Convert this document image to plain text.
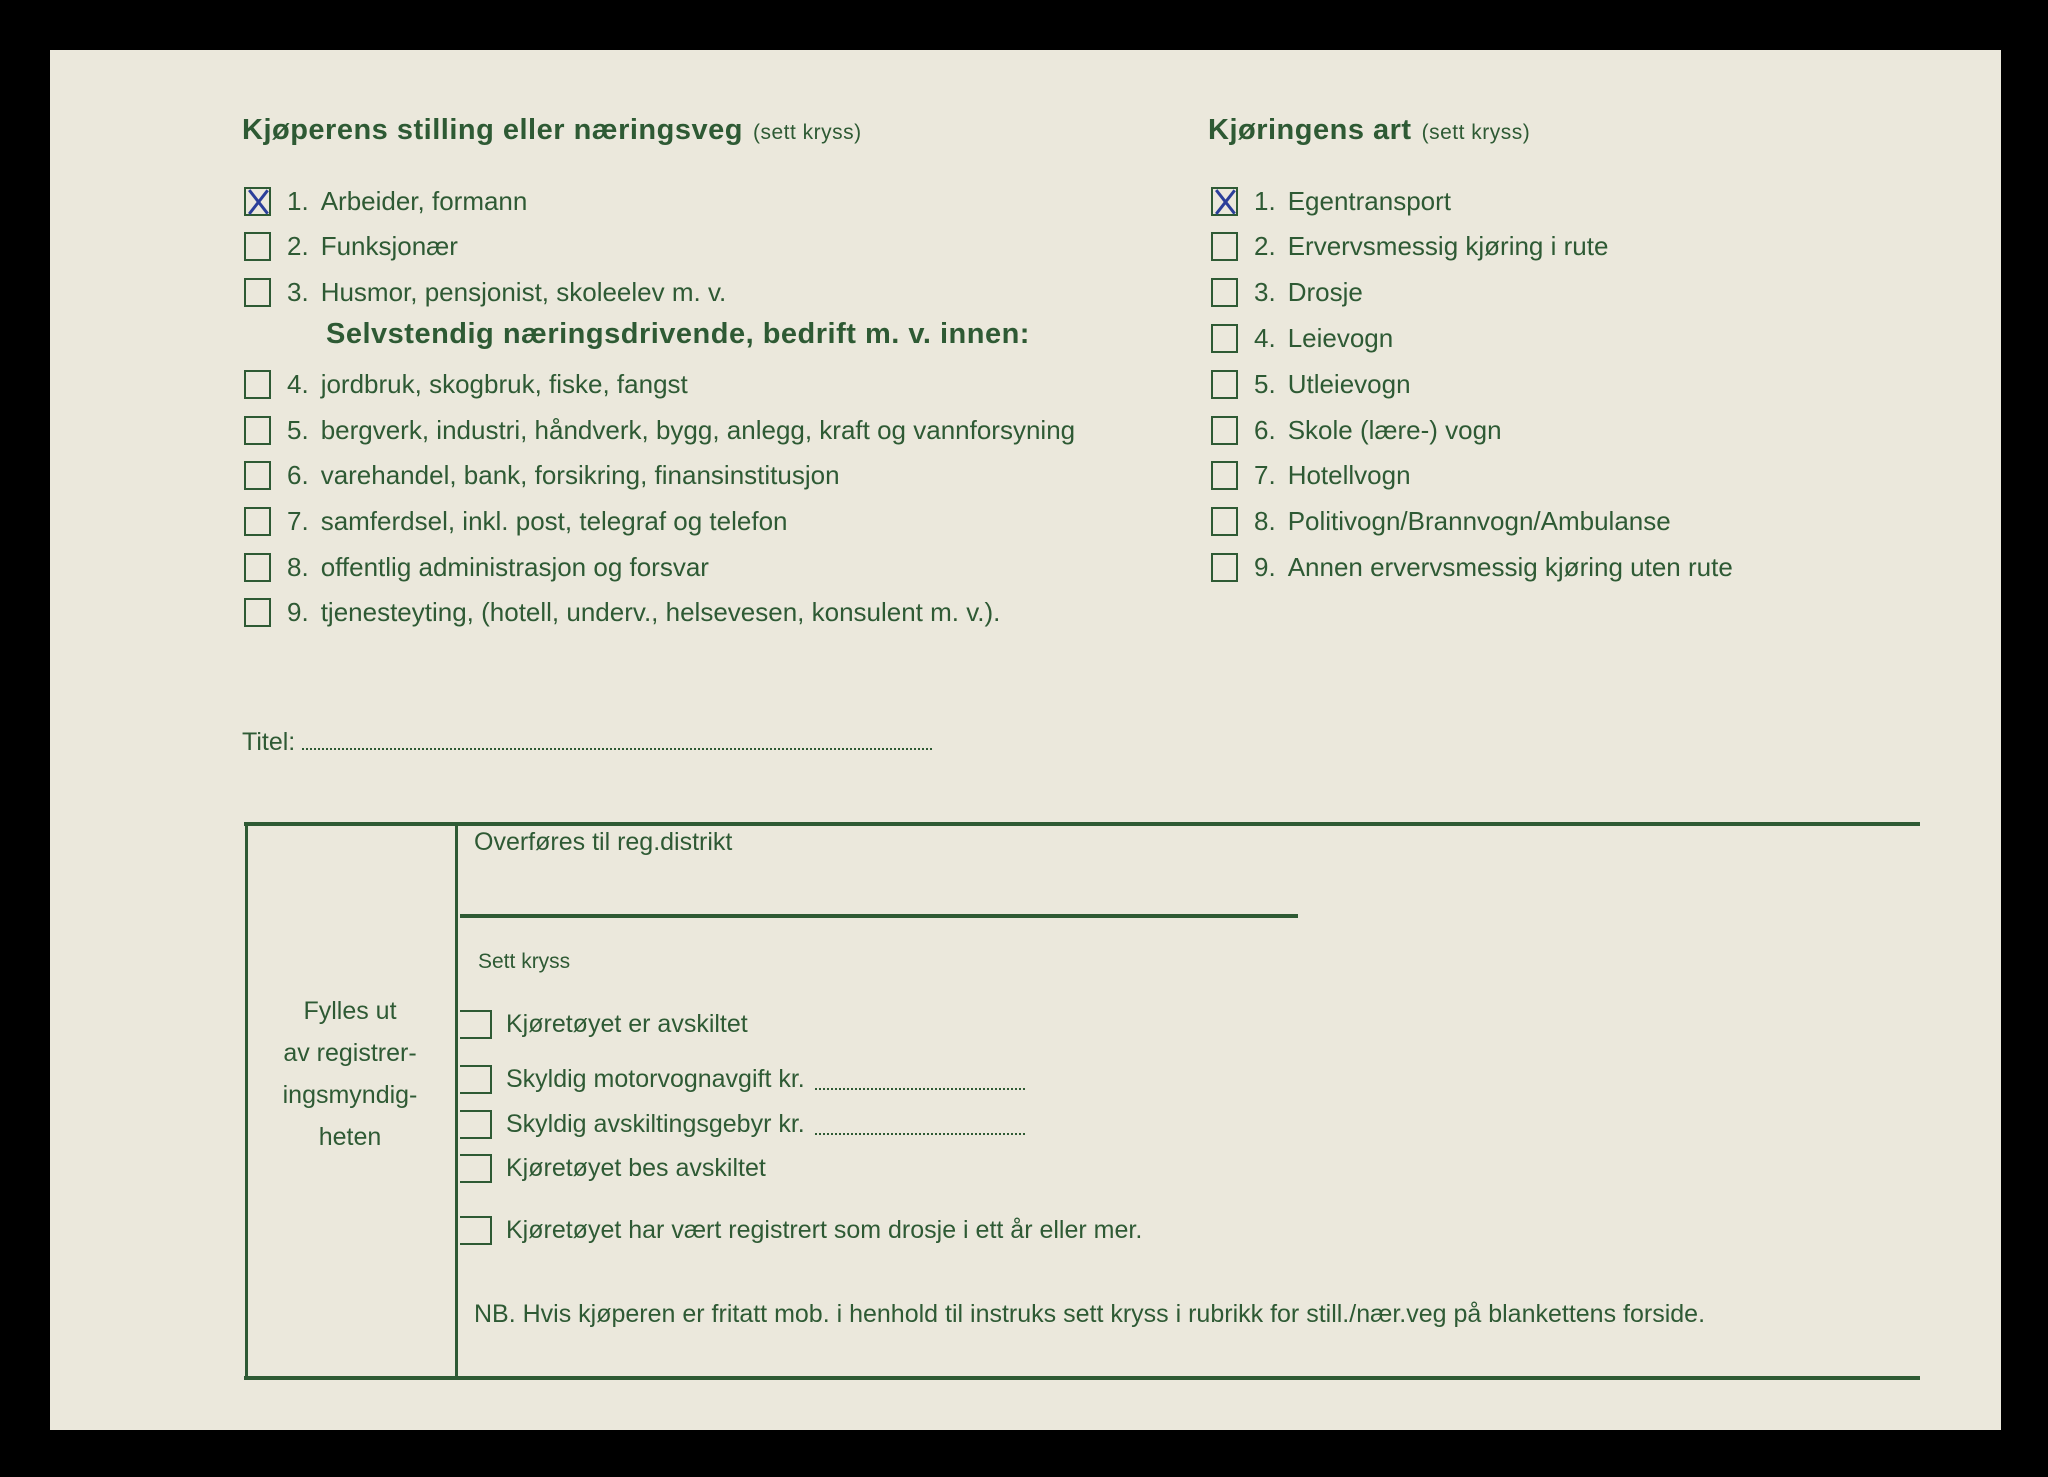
Kjøperens stilling eller næringsveg (sett kryss)
1. Arbeider, formann
2. Funksjonær
3. Husmor, pensjonist, skoleelev m. v.
4. jordbruk, skogbruk, fiske, fangst
5. bergverk, industri, håndverk, bygg, anlegg, kraft og vannforsyning
6. varehandel, bank, forsikring, finansinstitusjon
7. samferdsel, inkl. post, telegraf og telefon
8. offentlig administrasjon og forsvar
9. tjenesteyting, (hotell, underv., helsevesen, konsulent m. v.).
Selvstendig næringsdrivende, bedrift m. v. innen:
Kjøringens art (sett kryss)
1. Egentransport
2. Ervervsmessig kjøring i rute
3. Drosje
4. Leievogn
5. Utleievogn
6. Skole (lære-) vogn
7. Hotellvogn
8. Politivogn/Brannvogn/Ambulanse
9. Annen ervervsmessig kjøring uten rute
Titel:
Fylles ut
av registrer-
ingsmyndig-
heten
Overføres til reg.distrikt
Sett kryss
Kjøretøyet er avskiltet
Skyldig motorvognavgift kr.
Skyldig avskiltingsgebyr kr.
Kjøretøyet bes avskiltet
Kjøretøyet har vært registrert som drosje i ett år eller mer.
NB. Hvis kjøperen er fritatt mob. i henhold til instruks sett kryss i rubrikk for still./nær.veg på blankettens forside.
